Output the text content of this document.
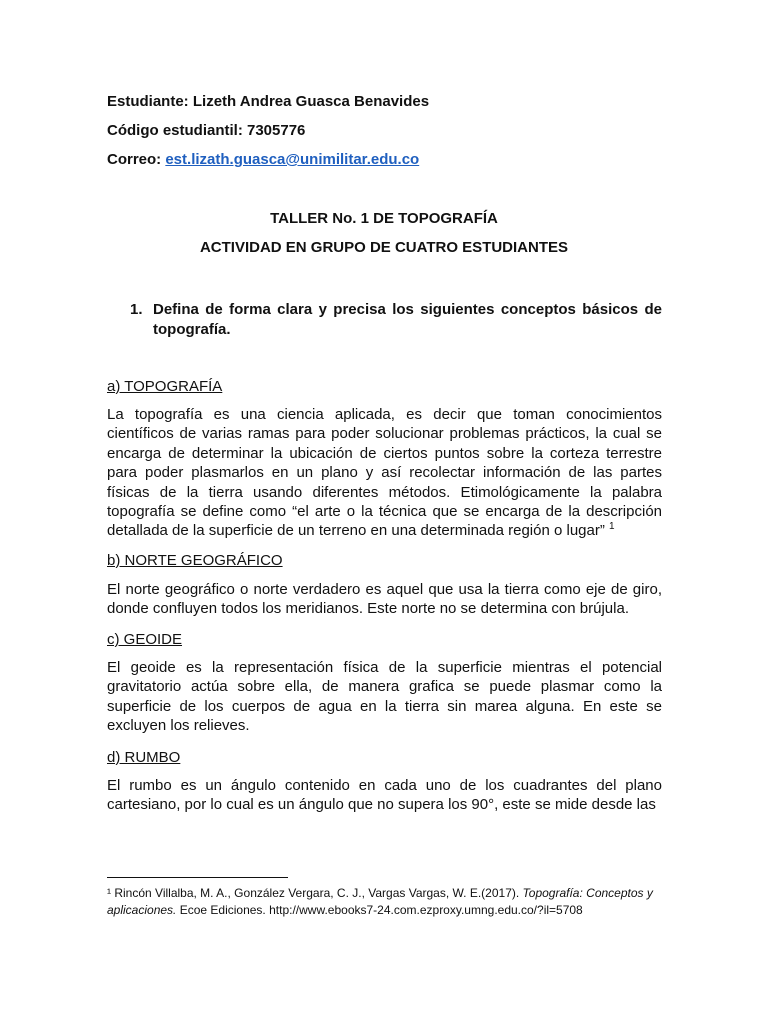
Estudiante: Lizeth Andrea Guasca Benavides

Código estudiantil: 7305776

Correo: est.lizath.guasca@unimilitar.edu.co

TALLER No. 1 DE TOPOGRAFÍA

ACTIVIDAD EN GRUPO DE CUATRO ESTUDIANTES

1. Defina de forma clara y precisa los siguientes conceptos básicos de topografía.

a) TOPOGRAFÍA

La topografía es una ciencia aplicada, es decir que toman conocimientos científicos de varias ramas para poder solucionar problemas prácticos, la cual se encarga de determinar la ubicación de ciertos puntos sobre la corteza terrestre para poder plasmarlos en un plano y así recolectar información de las partes físicas de la tierra usando diferentes métodos. Etimológicamente la palabra topografía se define como “el arte o la técnica que se encarga de la descripción detallada de la superficie de un terreno en una determinada región o lugar” $^1$

b) NORTE GEOGRÁFICO

El norte geográfico o norte verdadero es aquel que usa la tierra como eje de giro, donde confluyen todos los meridianos. Este norte no se determina con brújula.

c) GEOIDE

El geoide es la representación física de la superficie mientras el potencial gravitatorio actúa sobre ella, de manera grafica se puede plasmar como la superficie de los cuerpos de agua en la tierra sin marea alguna. En este se excluyen los relieves.

d) RUMBO

El rumbo es un ángulo contenido en cada uno de los cuadrantes del plano cartesiano, por lo cual es un ángulo que no supera los 90°, este se mide desde las

¹ Rincón Villalba, M. A., González Vergara, C. J., Vargas Vargas, W. E.(2017). Topografía: Conceptos y aplicaciones. Ecoe Ediciones. http://www.ebooks7-24.com.ezproxy.umng.edu.co/?il=5708
